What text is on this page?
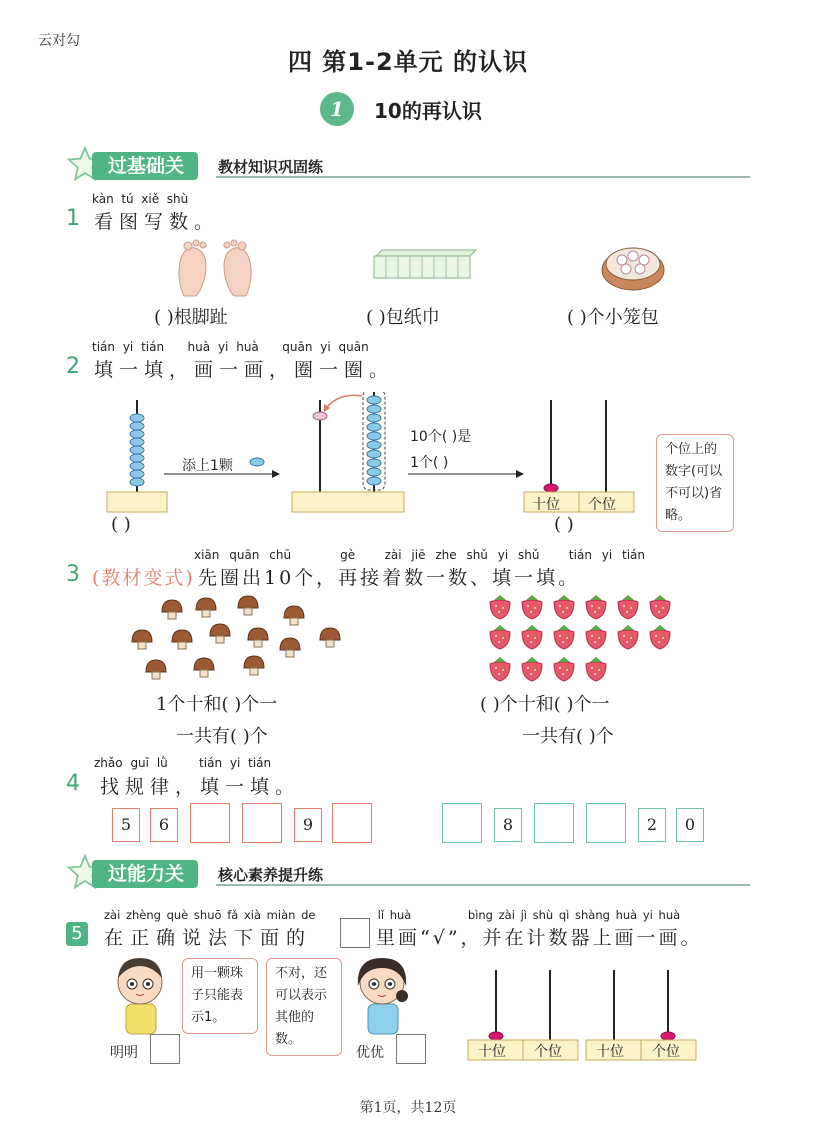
云对勾
四 第1-2单元 的认识
1	10的再认识
过基础关	教材知识巩固练
kàn tú xiě shù
1 看图写数。
( )根脚趾	( )包纸巾	( )个小笼包
tián yi tián huà yi huà quān yi quān
2 填一填，画一画，圈一圈。
添上1颗
( )
10个( )是
1个( )
十位 个位
( )
个位上的数字(可以不可以)省略。
xiān quān chū	gè zài jiē zhe shǔ yi shǔ tián yi tián
3 (教材变式) 先圈出10个，再接着数一数、填一填。
1个十和( )个一
一共有( )个
( )个十和( )个一
一共有( )个
zhǎo guī lǜ	tián yi tián
4 找规律，填一填。
5	6	9	8	2	0
过能力关	核心素养提升练
zài zhèng què shuō fǎ xià miàn de	lǐ huà	bìng zài jì shù qì shàng huà yi huà
5 在正确说法下面的	里画“√”，并在计数器上画一画。
用一颗珠子只能表示1。
明明
不对，还可以表示其他的数。
优优	十位 个位 十位 个位
第1页，共12页
